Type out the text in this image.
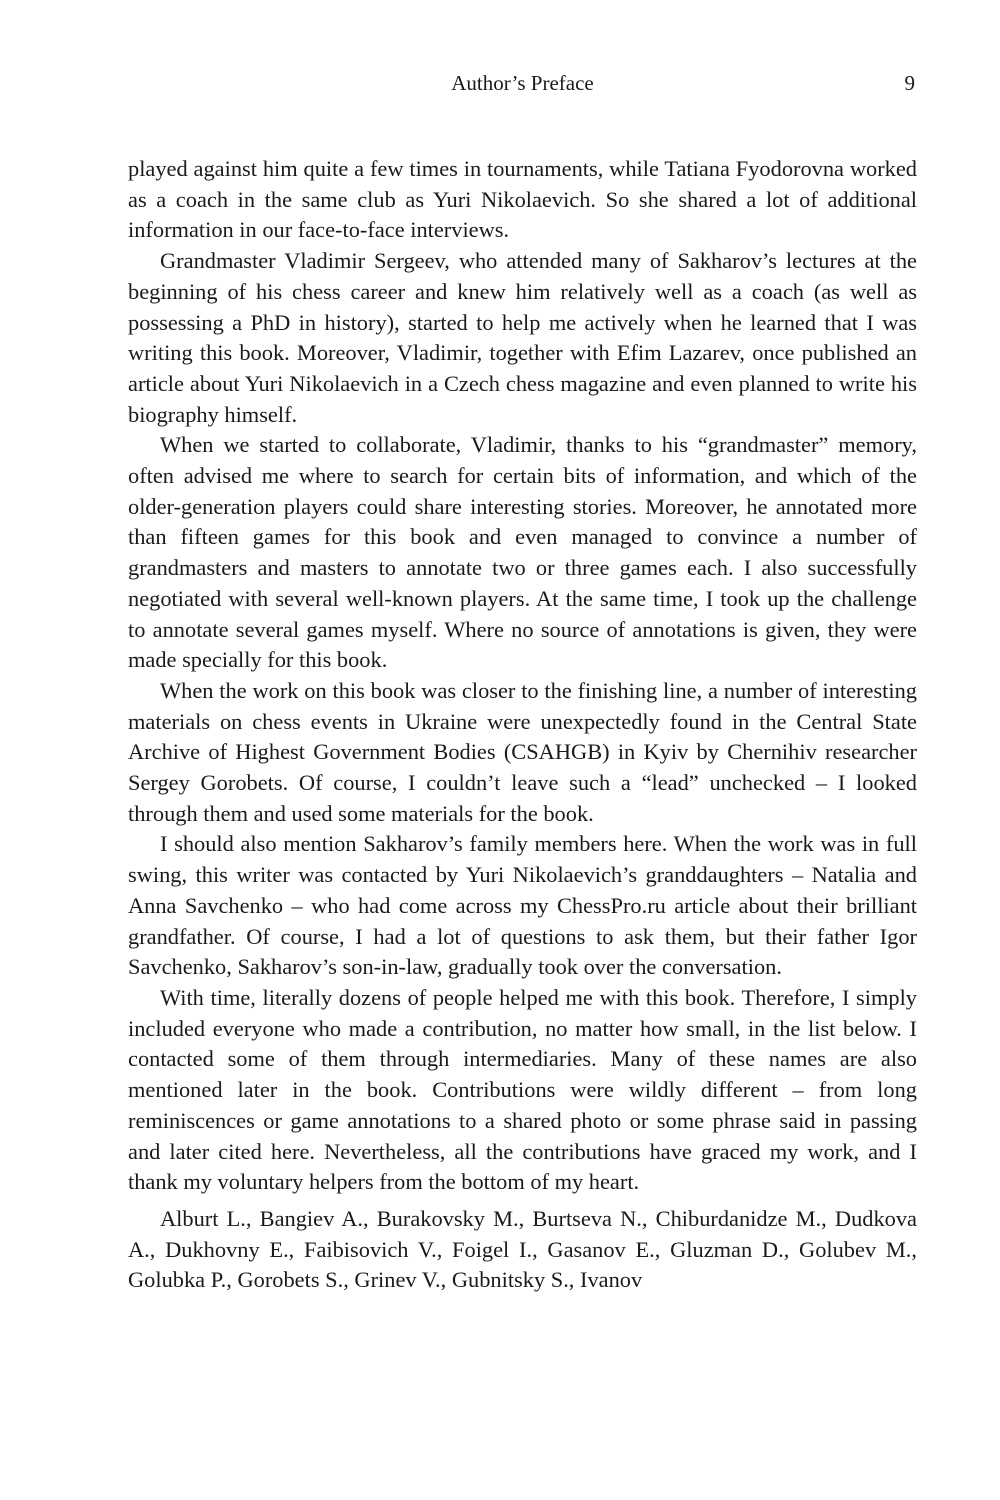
Author’s Preface	9

played against him quite a few times in tournaments, while Tatiana Fyodorovna worked as a coach in the same club as Yuri Nikolaevich. So she shared a lot of additional information in our face-to-face interviews.

Grandmaster Vladimir Sergeev, who attended many of Sakharov’s lectures at the beginning of his chess career and knew him relatively well as a coach (as well as possessing a PhD in history), started to help me actively when he learned that I was writing this book. Moreover, Vladimir, together with Efim Lazarev, once published an article about Yuri Nikolaevich in a Czech chess magazine and even planned to write his biography himself.

When we started to collaborate, Vladimir, thanks to his “grandmaster” memory, often advised me where to search for certain bits of information, and which of the older-generation players could share interesting stories. Moreover, he annotated more than fifteen games for this book and even managed to convince a number of grandmasters and masters to annotate two or three games each. I also successfully negotiated with several well-known players. At the same time, I took up the challenge to annotate several games myself. Where no source of annotations is given, they were made specially for this book.

When the work on this book was closer to the finishing line, a number of interesting materials on chess events in Ukraine were unexpectedly found in the Central State Archive of Highest Government Bodies (CSAHGB) in Kyiv by Chernihiv researcher Sergey Gorobets. Of course, I couldn’t leave such a “lead” unchecked – I looked through them and used some materials for the book.

I should also mention Sakharov’s family members here. When the work was in full swing, this writer was contacted by Yuri Nikolaevich’s granddaughters – Natalia and Anna Savchenko – who had come across my ChessPro.ru article about their brilliant grandfather. Of course, I had a lot of questions to ask them, but their father Igor Savchenko, Sakharov’s son-in-law, gradually took over the conversation.

With time, literally dozens of people helped me with this book. Therefore, I simply included everyone who made a contribution, no matter how small, in the list below. I contacted some of them through intermediaries. Many of these names are also mentioned later in the book. Contributions were wildly different – from long reminiscences or game annotations to a shared photo or some phrase said in passing and later cited here. Nevertheless, all the contributions have graced my work, and I thank my voluntary helpers from the bottom of my heart.

Alburt L., Bangiev A., Burakovsky M., Burtseva N., Chiburdanidze M., Dudkova A., Dukhovny E., Faibisovich V., Foigel I., Gasanov E., Gluzman D., Golubev M., Golubka P., Gorobets S., Grinev V., Gubnitsky S., Ivanov
